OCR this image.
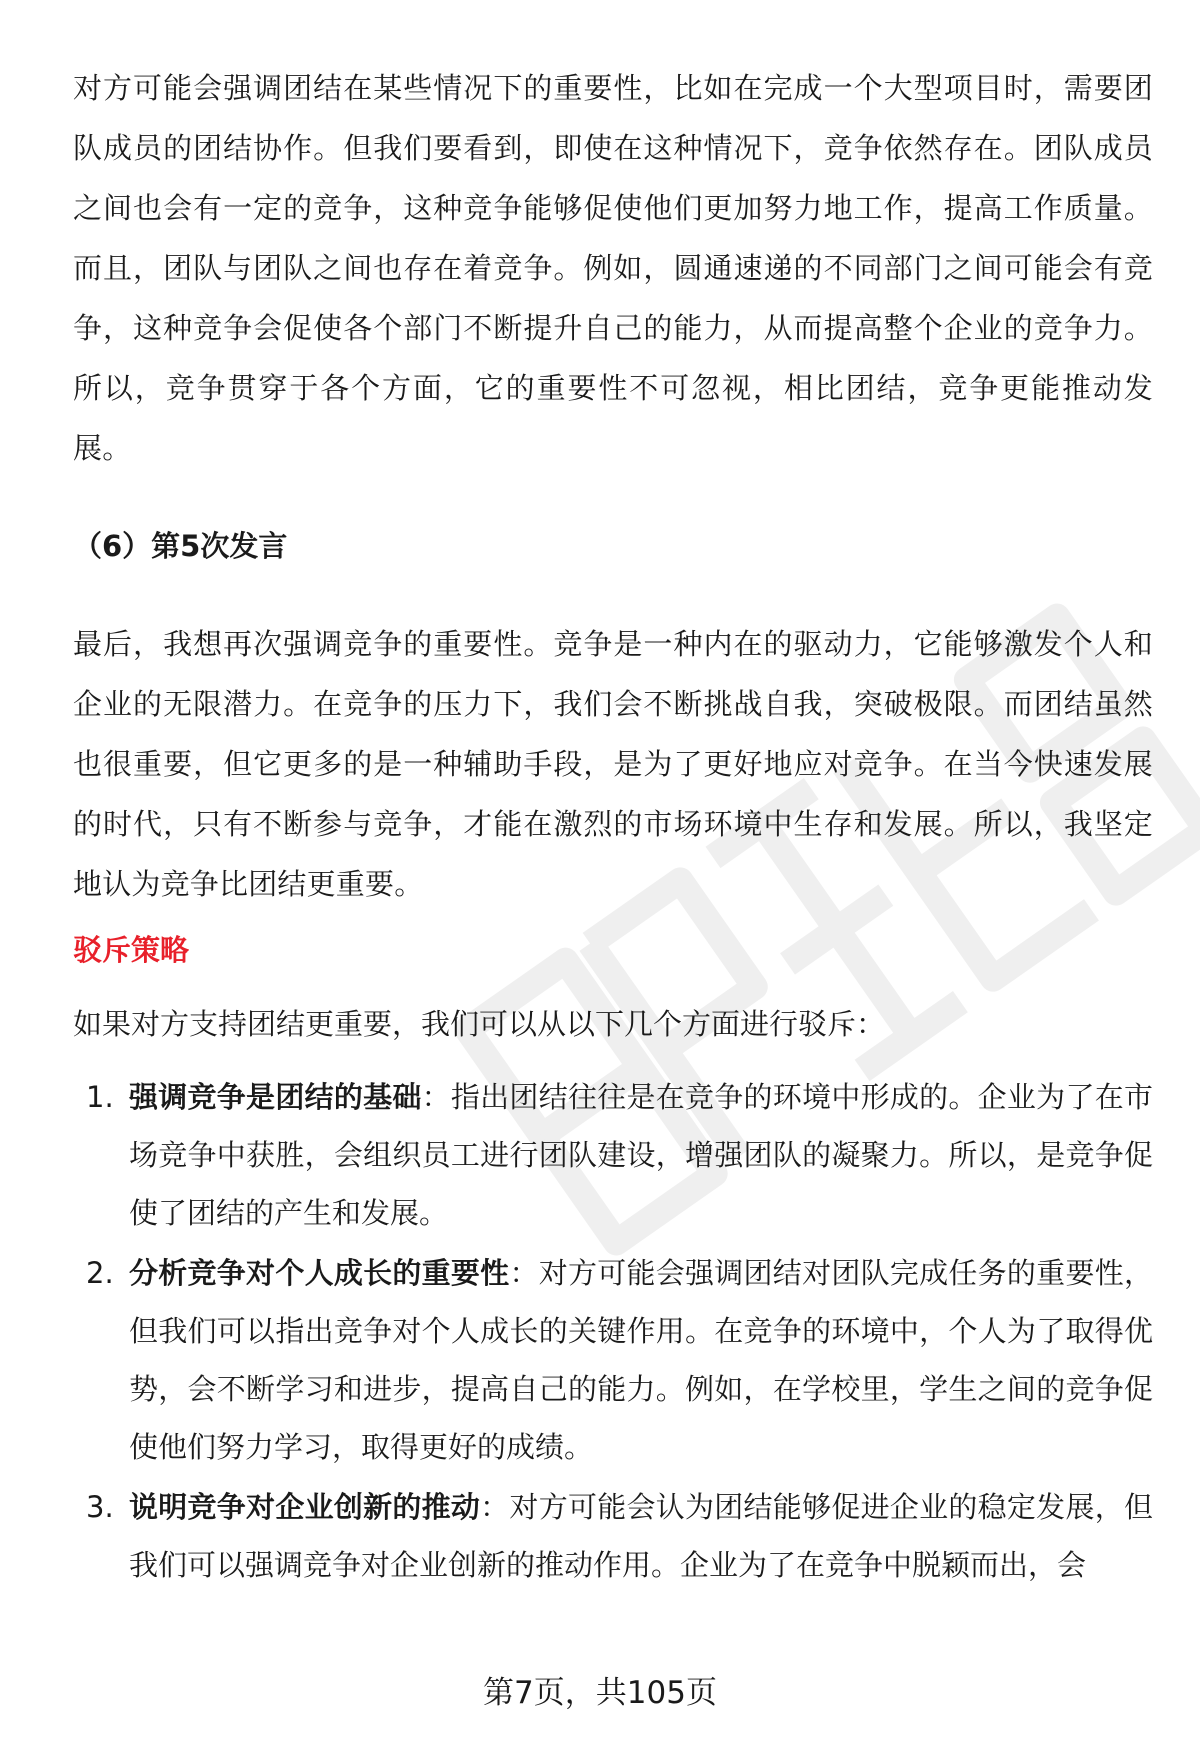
对方可能会强调团结在某些情况下的重要性，比如在完成一个大型项目时，需要团队成员的团结协作。但我们要看到，即使在这种情况下，竞争依然存在。团队成员之间也会有一定的竞争，这种竞争能够促使他们更加努力地工作，提高工作质量。而且，团队与团队之间也存在着竞争。例如，圆通速递的不同部门之间可能会有竞争，这种竞争会促使各个部门不断提升自己的能力，从而提高整个企业的竞争力。所以，竞争贯穿于各个方面，它的重要性不可忽视，相比团结，竞争更能推动发展。

（6）第5次发言

最后，我想再次强调竞争的重要性。竞争是一种内在的驱动力，它能够激发个人和企业的无限潜力。在竞争的压力下，我们会不断挑战自我，突破极限。而团结虽然也很重要，但它更多的是一种辅助手段，是为了更好地应对竞争。在当今快速发展的时代，只有不断参与竞争，才能在激烈的市场环境中生存和发展。所以，我坚定地认为竞争比团结更重要。

驳斥策略

如果对方支持团结更重要，我们可以从以下几个方面进行驳斥：

1. 强调竞争是团结的基础：指出团结往往是在竞争的环境中形成的。企业为了在市场竞争中获胜，会组织员工进行团队建设，增强团队的凝聚力。所以，是竞争促使了团结的产生和发展。
2. 分析竞争对个人成长的重要性：对方可能会强调团结对团队完成任务的重要性，但我们可以指出竞争对个人成长的关键作用。在竞争的环境中，个人为了取得优势，会不断学习和进步，提高自己的能力。例如，在学校里，学生之间的竞争促使他们努力学习，取得更好的成绩。
3. 说明竞争对企业创新的推动：对方可能会认为团结能够促进企业的稳定发展，但我们可以强调竞争对企业创新的推动作用。企业为了在竞争中脱颖而出，会
第7页，共105页
